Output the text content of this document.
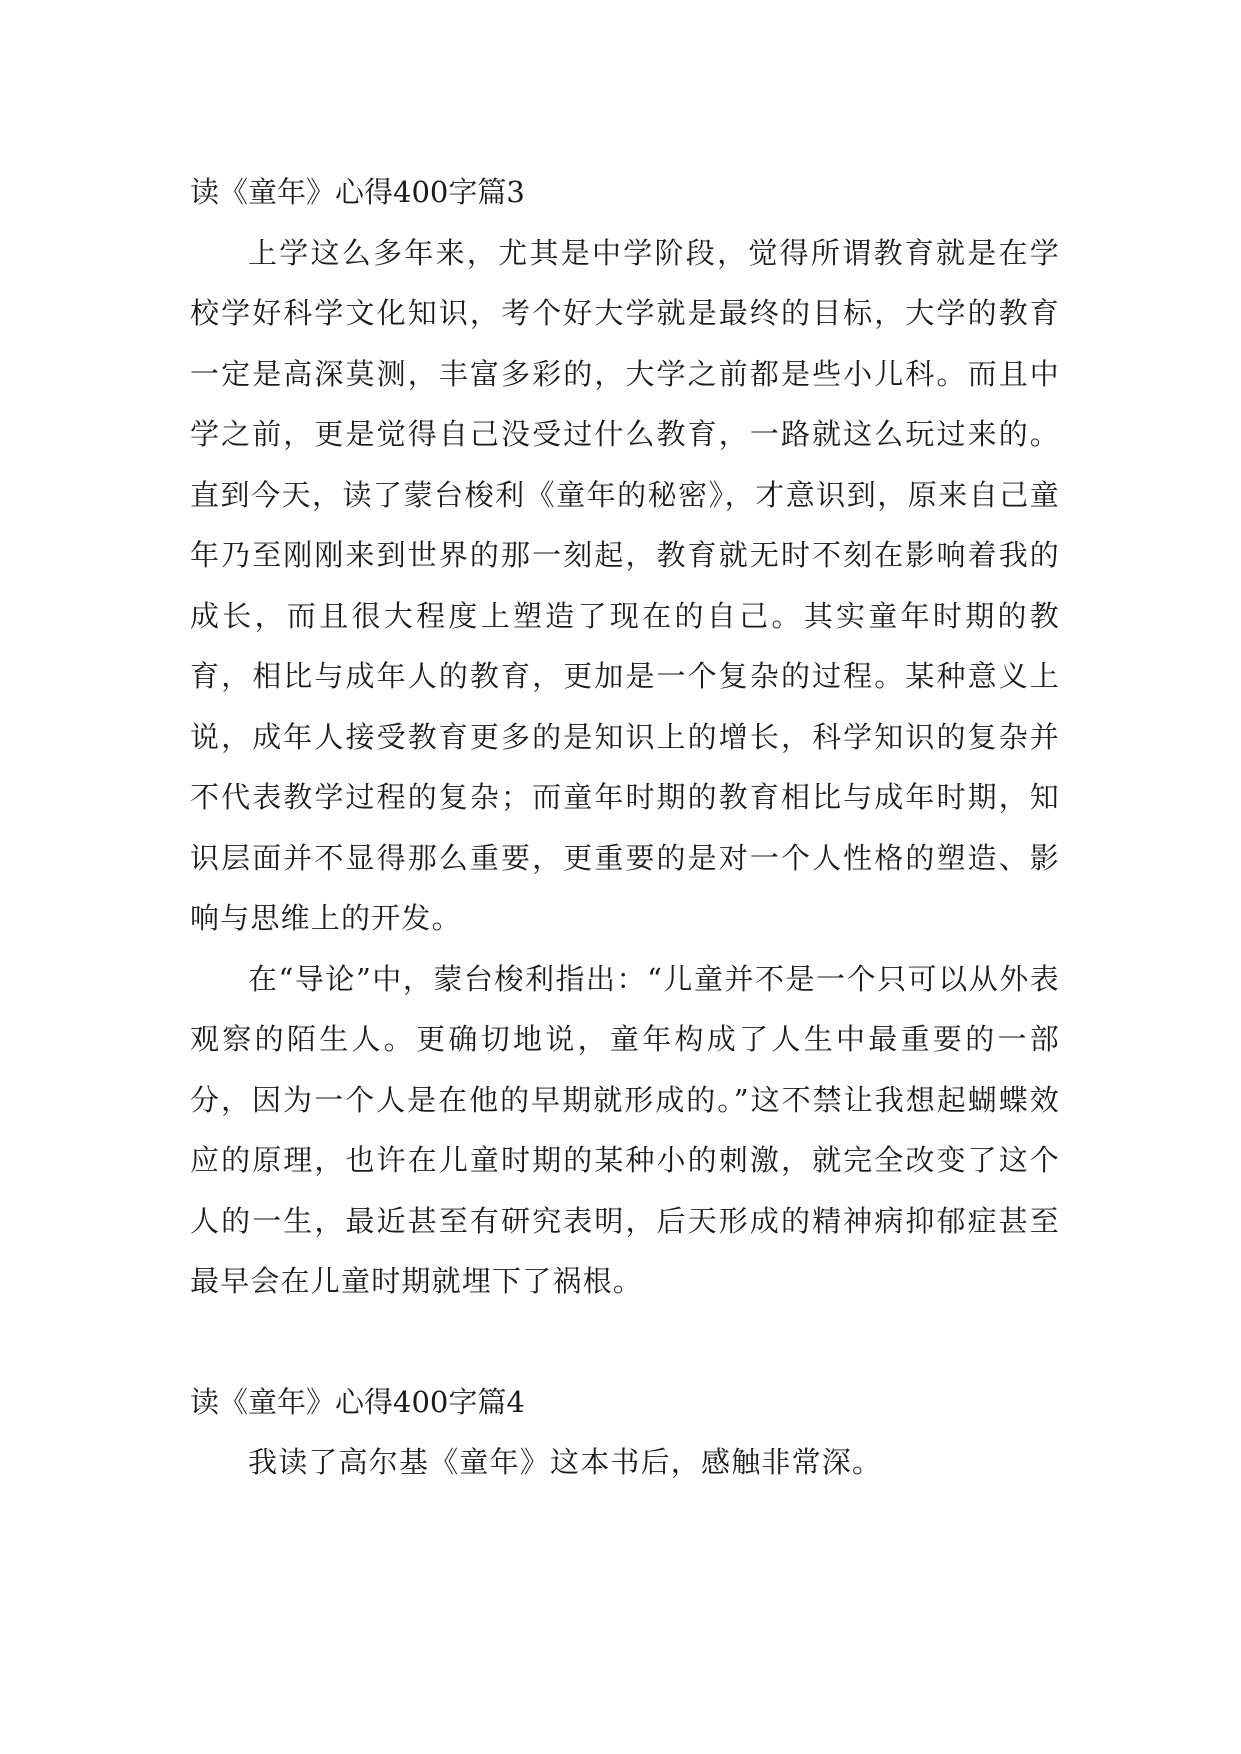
读《童年》心得400字篇3

上学这么多年来，尤其是中学阶段，觉得所谓教育就是在学校学好科学文化知识，考个好大学就是最终的目标，大学的教育一定是高深莫测，丰富多彩的，大学之前都是些小儿科。而且中学之前，更是觉得自己没受过什么教育，一路就这么玩过来的。直到今天，读了蒙台梭利《童年的秘密》，才意识到，原来自己童年乃至刚刚来到世界的那一刻起，教育就无时不刻在影响着我的成长，而且很大程度上塑造了现在的自己。其实童年时期的教育，相比与成年人的教育，更加是一个复杂的过程。某种意义上说，成年人接受教育更多的是知识上的增长，科学知识的复杂并不代表教学过程的复杂；而童年时期的教育相比与成年时期，知识层面并不显得那么重要，更重要的是对一个人性格的塑造、影响与思维上的开发。

在“导论”中，蒙台梭利指出：“儿童并不是一个只可以从外表观察的陌生人。更确切地说，童年构成了人生中最重要的一部分，因为一个人是在他的早期就形成的。”这不禁让我想起蝴蝶效应的原理，也许在儿童时期的某种小的刺激，就完全改变了这个人的一生，最近甚至有研究表明，后天形成的精神病抑郁症甚至最早会在儿童时期就埋下了祸根。

读《童年》心得400字篇4

我读了高尔基《童年》这本书后，感触非常深。
